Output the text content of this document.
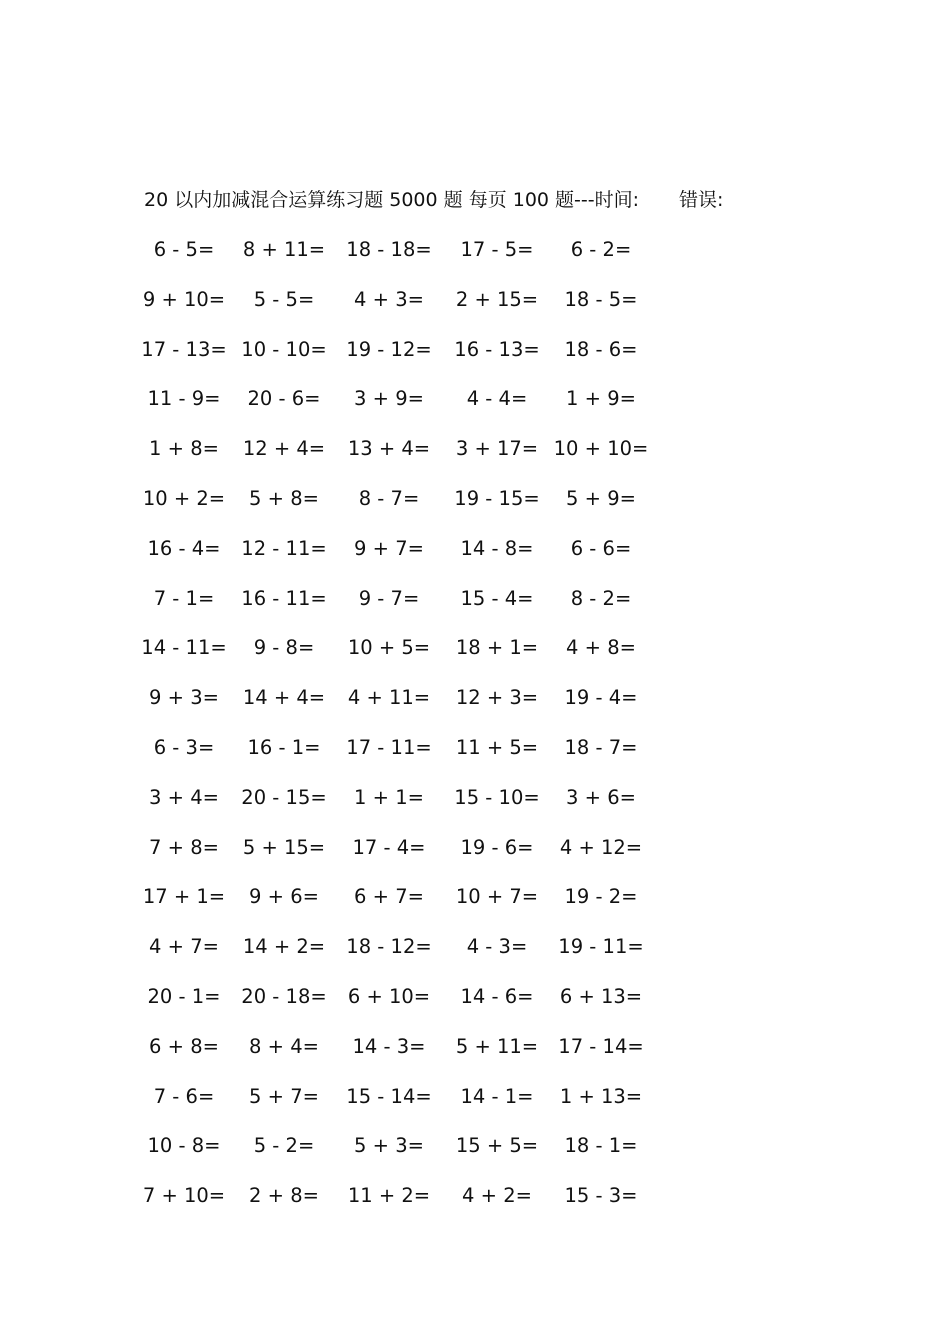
20 以内加减混合运算练习题 5000 题 每页 100 题---时间: 错误:
6 - 5=	8 + 11=	18 - 18=	17 - 5=	6 - 2=
9 + 10=	5 - 5=	4 + 3=	2 + 15=	18 - 5=
17 - 13= 10 - 10=	19 - 12=	16 - 13=	18 - 6=
11 - 9=	20 - 6=	3 + 9=	4 - 4=	1 + 9=
1 + 8=	12 + 4=	13 + 4=	3 + 17= 10 + 10=
10 + 2=	5 + 8=	8 - 7=	19 - 15=	5 + 9=
16 - 4=	12 - 11=	9 + 7=	14 - 8=	6 - 6=
7 - 1=	16 - 11=	9 - 7=	15 - 4=	8 - 2=
14 - 11=	9 - 8=	10 + 5=	18 + 1=	4 + 8=
9 + 3=	14 + 4=	4 + 11=	12 + 3=	19 - 4=
6 - 3=	16 - 1=	17 - 11=	11 + 5=	18 - 7=
3 + 4=	20 - 15=	1 + 1=	15 - 10=	3 + 6=
7 + 8=	5 + 15=	17 - 4=	19 - 6=	4 + 12=
17 + 1=	9 + 6=	6 + 7=	10 + 7=	19 - 2=
4 + 7=	14 + 2=	18 - 12=	4 - 3=	19 - 11=
20 - 1=	20 - 18=	6 + 10=	14 - 6=	6 + 13=
6 + 8=	8 + 4=	14 - 3=	5 + 11=	17 - 14=
7 - 6=	5 + 7=	15 - 14=	14 - 1=	1 + 13=
10 - 8=	5 - 2=	5 + 3=	15 + 5=	18 - 1=
7 + 10=	2 + 8=	11 + 2=	4 + 2=	15 - 3=
